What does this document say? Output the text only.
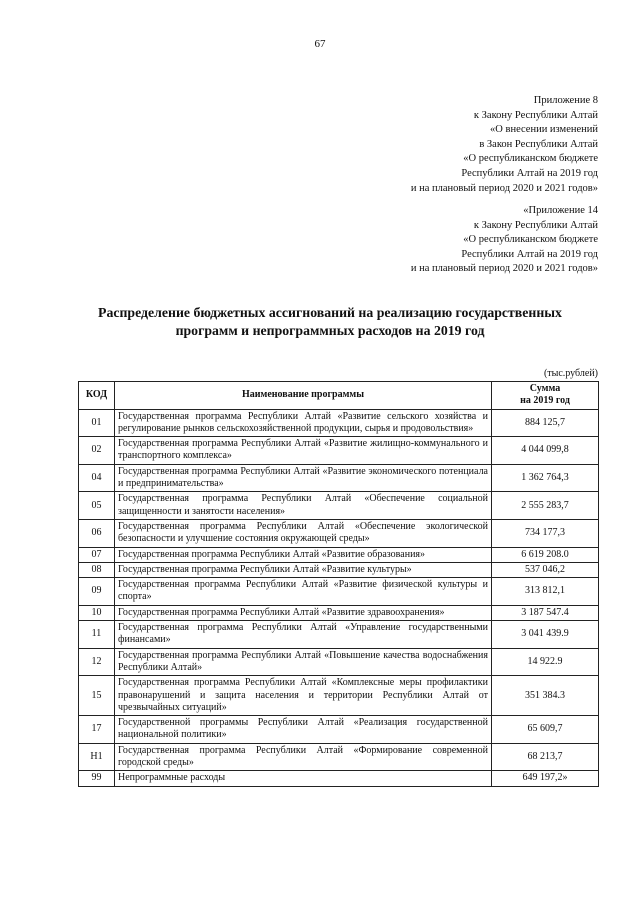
67
Приложение 8
к Закону Республики Алтай
«О внесении изменений
в Закон Республики Алтай
«О республиканском бюджете
Республики Алтай на 2019 год
и на плановый период 2020 и 2021 годов»
«Приложение 14
к Закону Республики Алтай
«О республиканском бюджете
Республики Алтай на 2019 год
и на плановый период 2020 и 2021 годов»
Распределение бюджетных ассигнований на реализацию государственных
программ и непрограммных расходов на 2019 год
(тыс.рублей)
КОД	Наименование программы	Сумма
на 2019 год
01	Государственная программа Республики Алтай «Развитие сельского хозяйства и регулирование рынков сельскохозяйственной продукции, сырья и продовольствия»	884 125,7
02	Государственная программа Республики Алтай «Развитие жилищно-коммунального и транспортного комплекса»	4 044 099,8
04	Государственная программа Республики Алтай «Развитие экономического потенциала и предпринимательства»	1 362 764,3
05	Государственная программа Республики Алтай «Обеспечение социальной защищенности и занятости населения»	2 555 283,7
06	Государственная программа Республики Алтай «Обеспечение экологической безопасности и улучшение состояния окружающей среды»	734 177,3
07	Государственная программа Республики Алтай «Развитие образования»	6 619 208.0
08	Государственная программа Республики Алтай «Развитие культуры»	537 046,2
09	Государственная программа Республики Алтай «Развитие физической культуры и спорта»	313 812,1
10	Государственная программа Республики Алтай «Развитие здравоохранения»	3 187 547.4
11	Государственная программа Республики Алтай «Управление государственными финансами»	3 041 439.9
12	Государственная программа Республики Алтай «Повышение качества водоснабжения Республики Алтай»	14 922.9
15	Государственная программа Республики Алтай «Комплексные меры профилактики правонарушений и защита населения и территории Республики Алтай от чрезвычайных ситуаций»	351 384.3
17	Государственной программы Республики Алтай «Реализация государственной национальной политики»	65 609,7
Н1	Государственная программа Республики Алтай «Формирование современной городской среды»	68 213,7
99	Непрограммные расходы	649 197,2»
